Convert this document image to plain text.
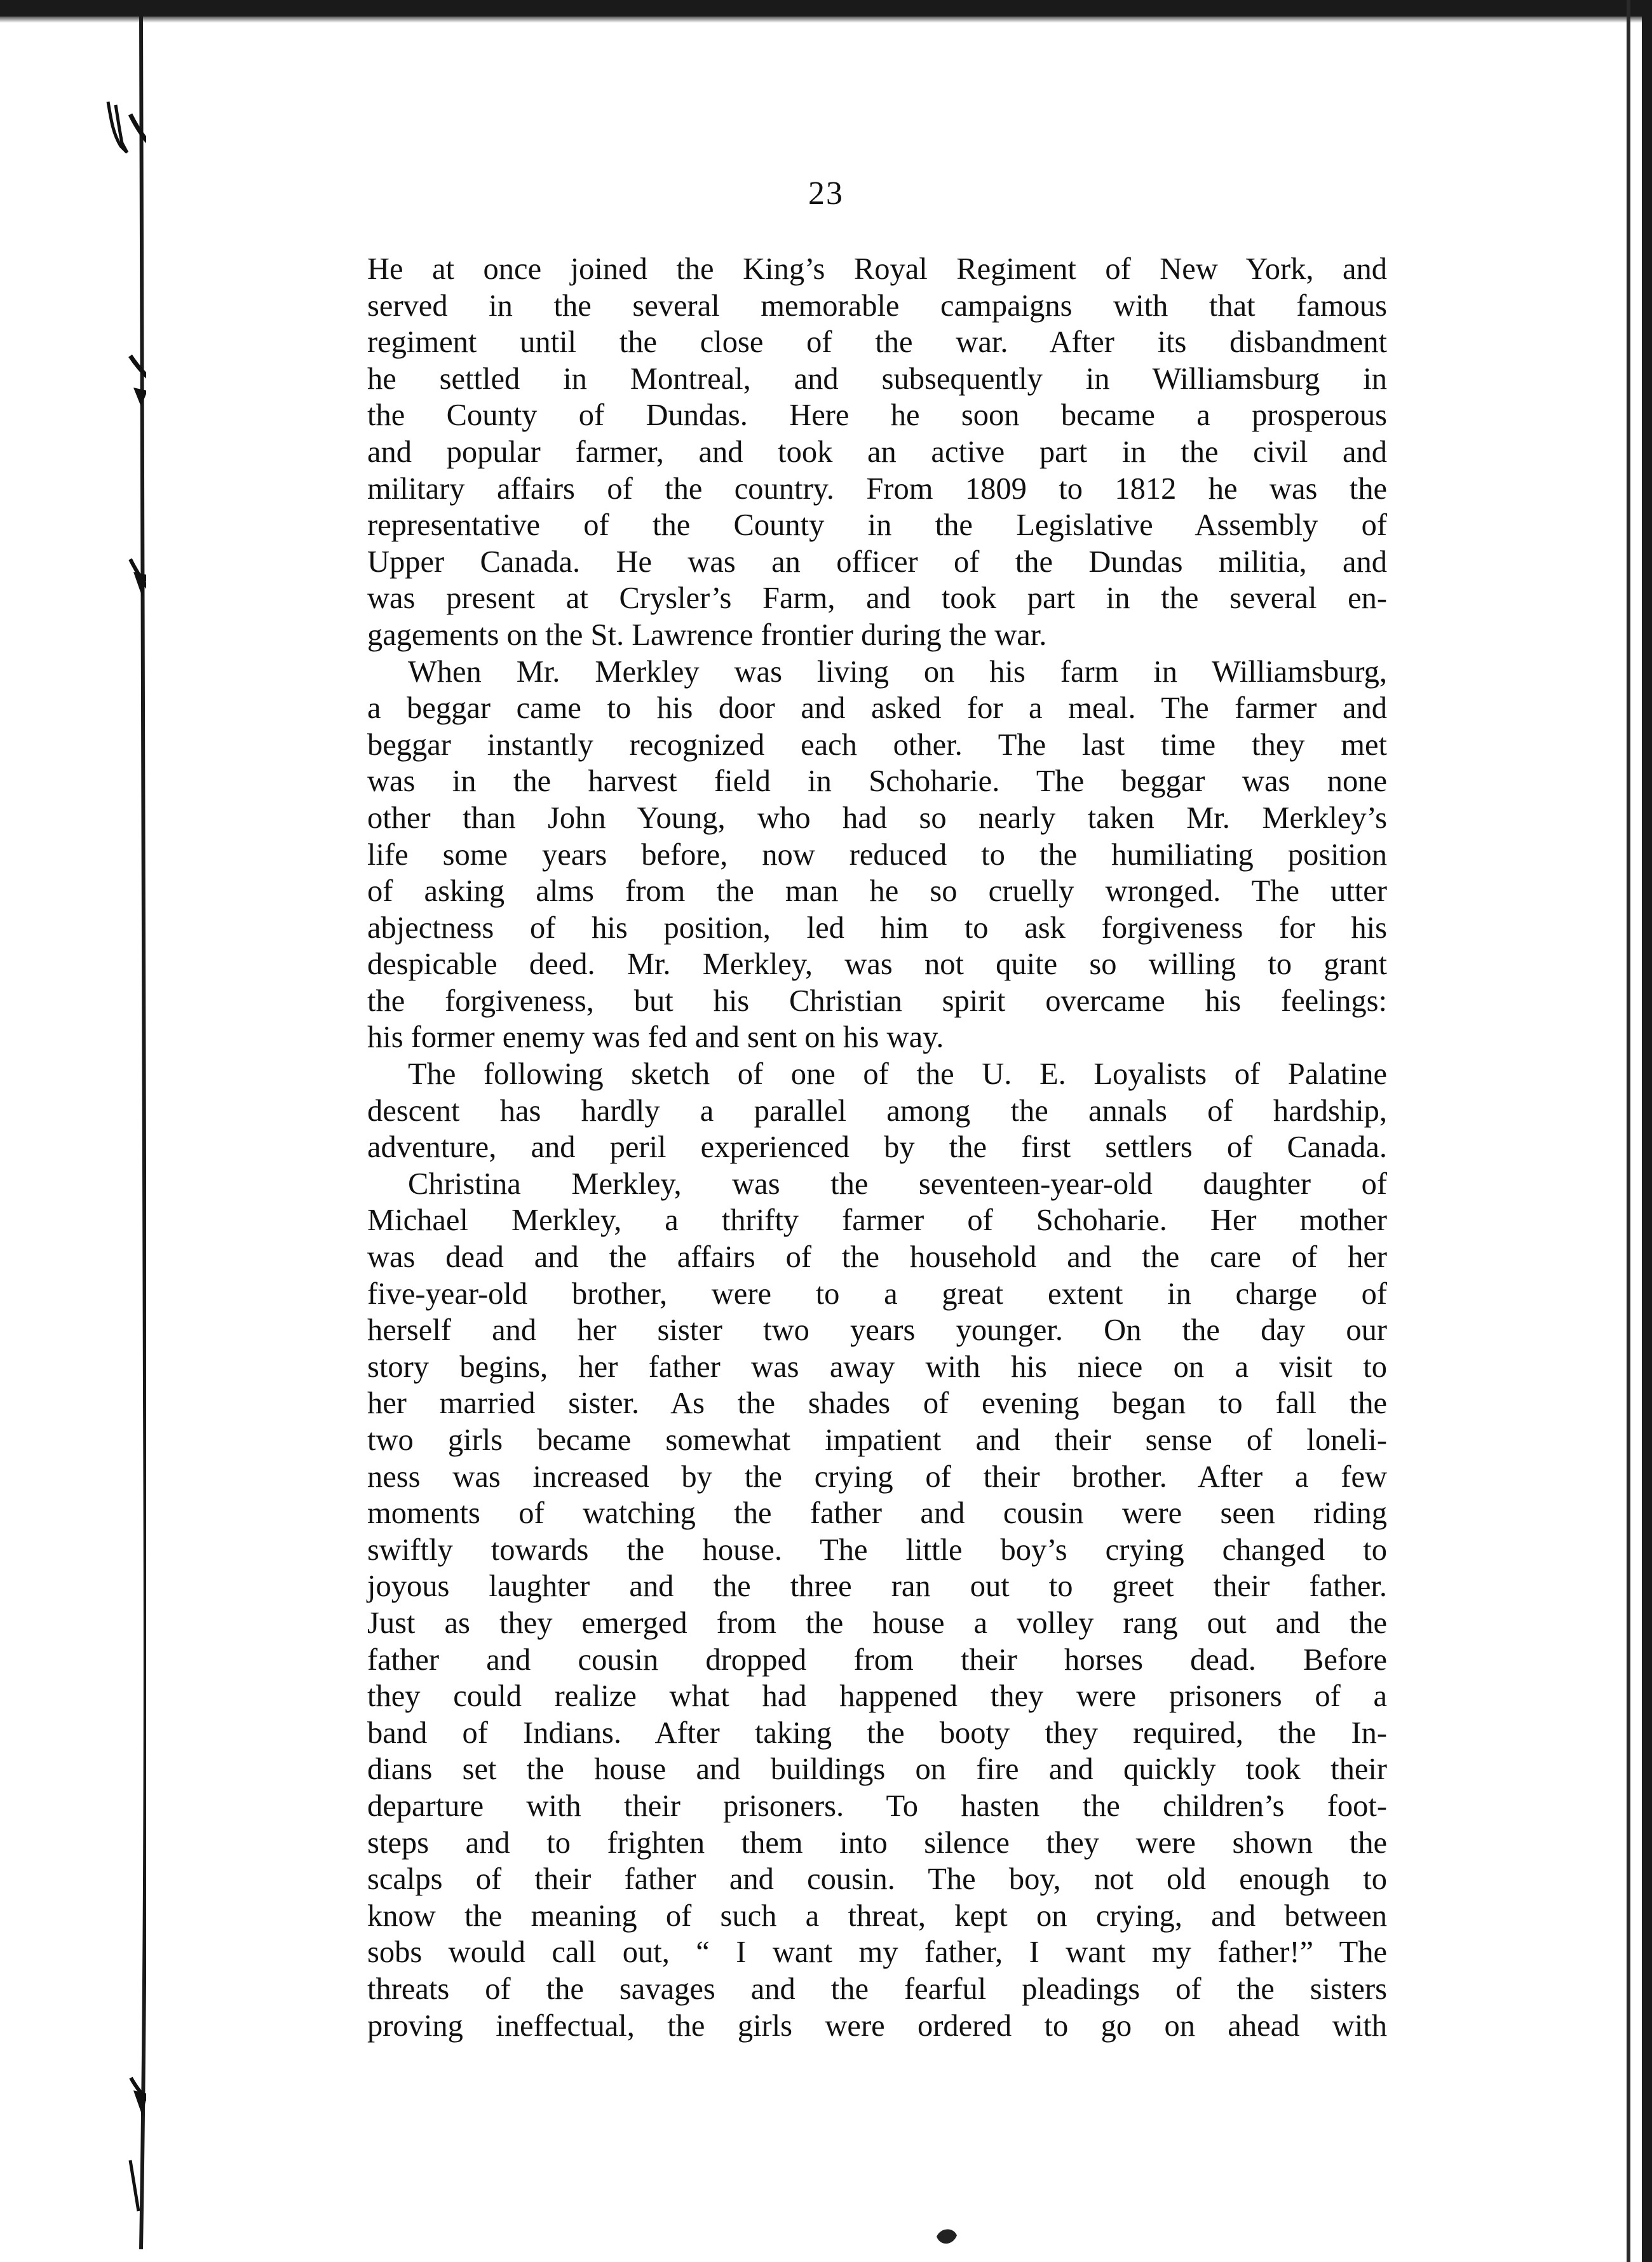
23
He at once joined the King’s Royal Regiment of New York, and
served in the several memorable campaigns with that famous
regiment until the close of the war. After its disbandment
he settled in Montreal, and subsequently in Williamsburg in
the County of Dundas. Here he soon became a prosperous
and popular farmer, and took an active part in the civil and
military affairs of the country. From 1809 to 1812 he was the
representative of the County in the Legislative Assembly of
Upper Canada. He was an officer of the Dundas militia, and
was present at Crysler’s Farm, and took part in the several en-
gagements on the St. Lawrence frontier during the war.
When Mr. Merkley was living on his farm in Williamsburg,
a beggar came to his door and asked for a meal. The farmer and
beggar instantly recognized each other. The last time they met
was in the harvest field in Schoharie. The beggar was none
other than John Young, who had so nearly taken Mr. Merkley’s
life some years before, now reduced to the humiliating position
of asking alms from the man he so cruelly wronged. The utter
abjectness of his position, led him to ask forgiveness for his
despicable deed. Mr. Merkley, was not quite so willing to grant
the forgiveness, but his Christian spirit overcame his feelings:
his former enemy was fed and sent on his way.
The following sketch of one of the U. E. Loyalists of Palatine
descent has hardly a parallel among the annals of hardship,
adventure, and peril experienced by the first settlers of Canada.
Christina Merkley, was the seventeen-year-old daughter of
Michael Merkley, a thrifty farmer of Schoharie. Her mother
was dead and the affairs of the household and the care of her
five-year-old brother, were to a great extent in charge of
herself and her sister two years younger. On the day our
story begins, her father was away with his niece on a visit to
her married sister. As the shades of evening began to fall the
two girls became somewhat impatient and their sense of loneli-
ness was increased by the crying of their brother. After a few
moments of watching the father and cousin were seen riding
swiftly towards the house. The little boy’s crying changed to
joyous laughter and the three ran out to greet their father.
Just as they emerged from the house a volley rang out and the
father and cousin dropped from their horses dead. Before
they could realize what had happened they were prisoners of a
band of Indians. After taking the booty they required, the In-
dians set the house and buildings on fire and quickly took their
departure with their prisoners. To hasten the children’s foot-
steps and to frighten them into silence they were shown the
scalps of their father and cousin. The boy, not old enough to
know the meaning of such a threat, kept on crying, and between
sobs would call out, “ I want my father, I want my father!” The
threats of the savages and the fearful pleadings of the sisters
proving ineffectual, the girls were ordered to go on ahead with
